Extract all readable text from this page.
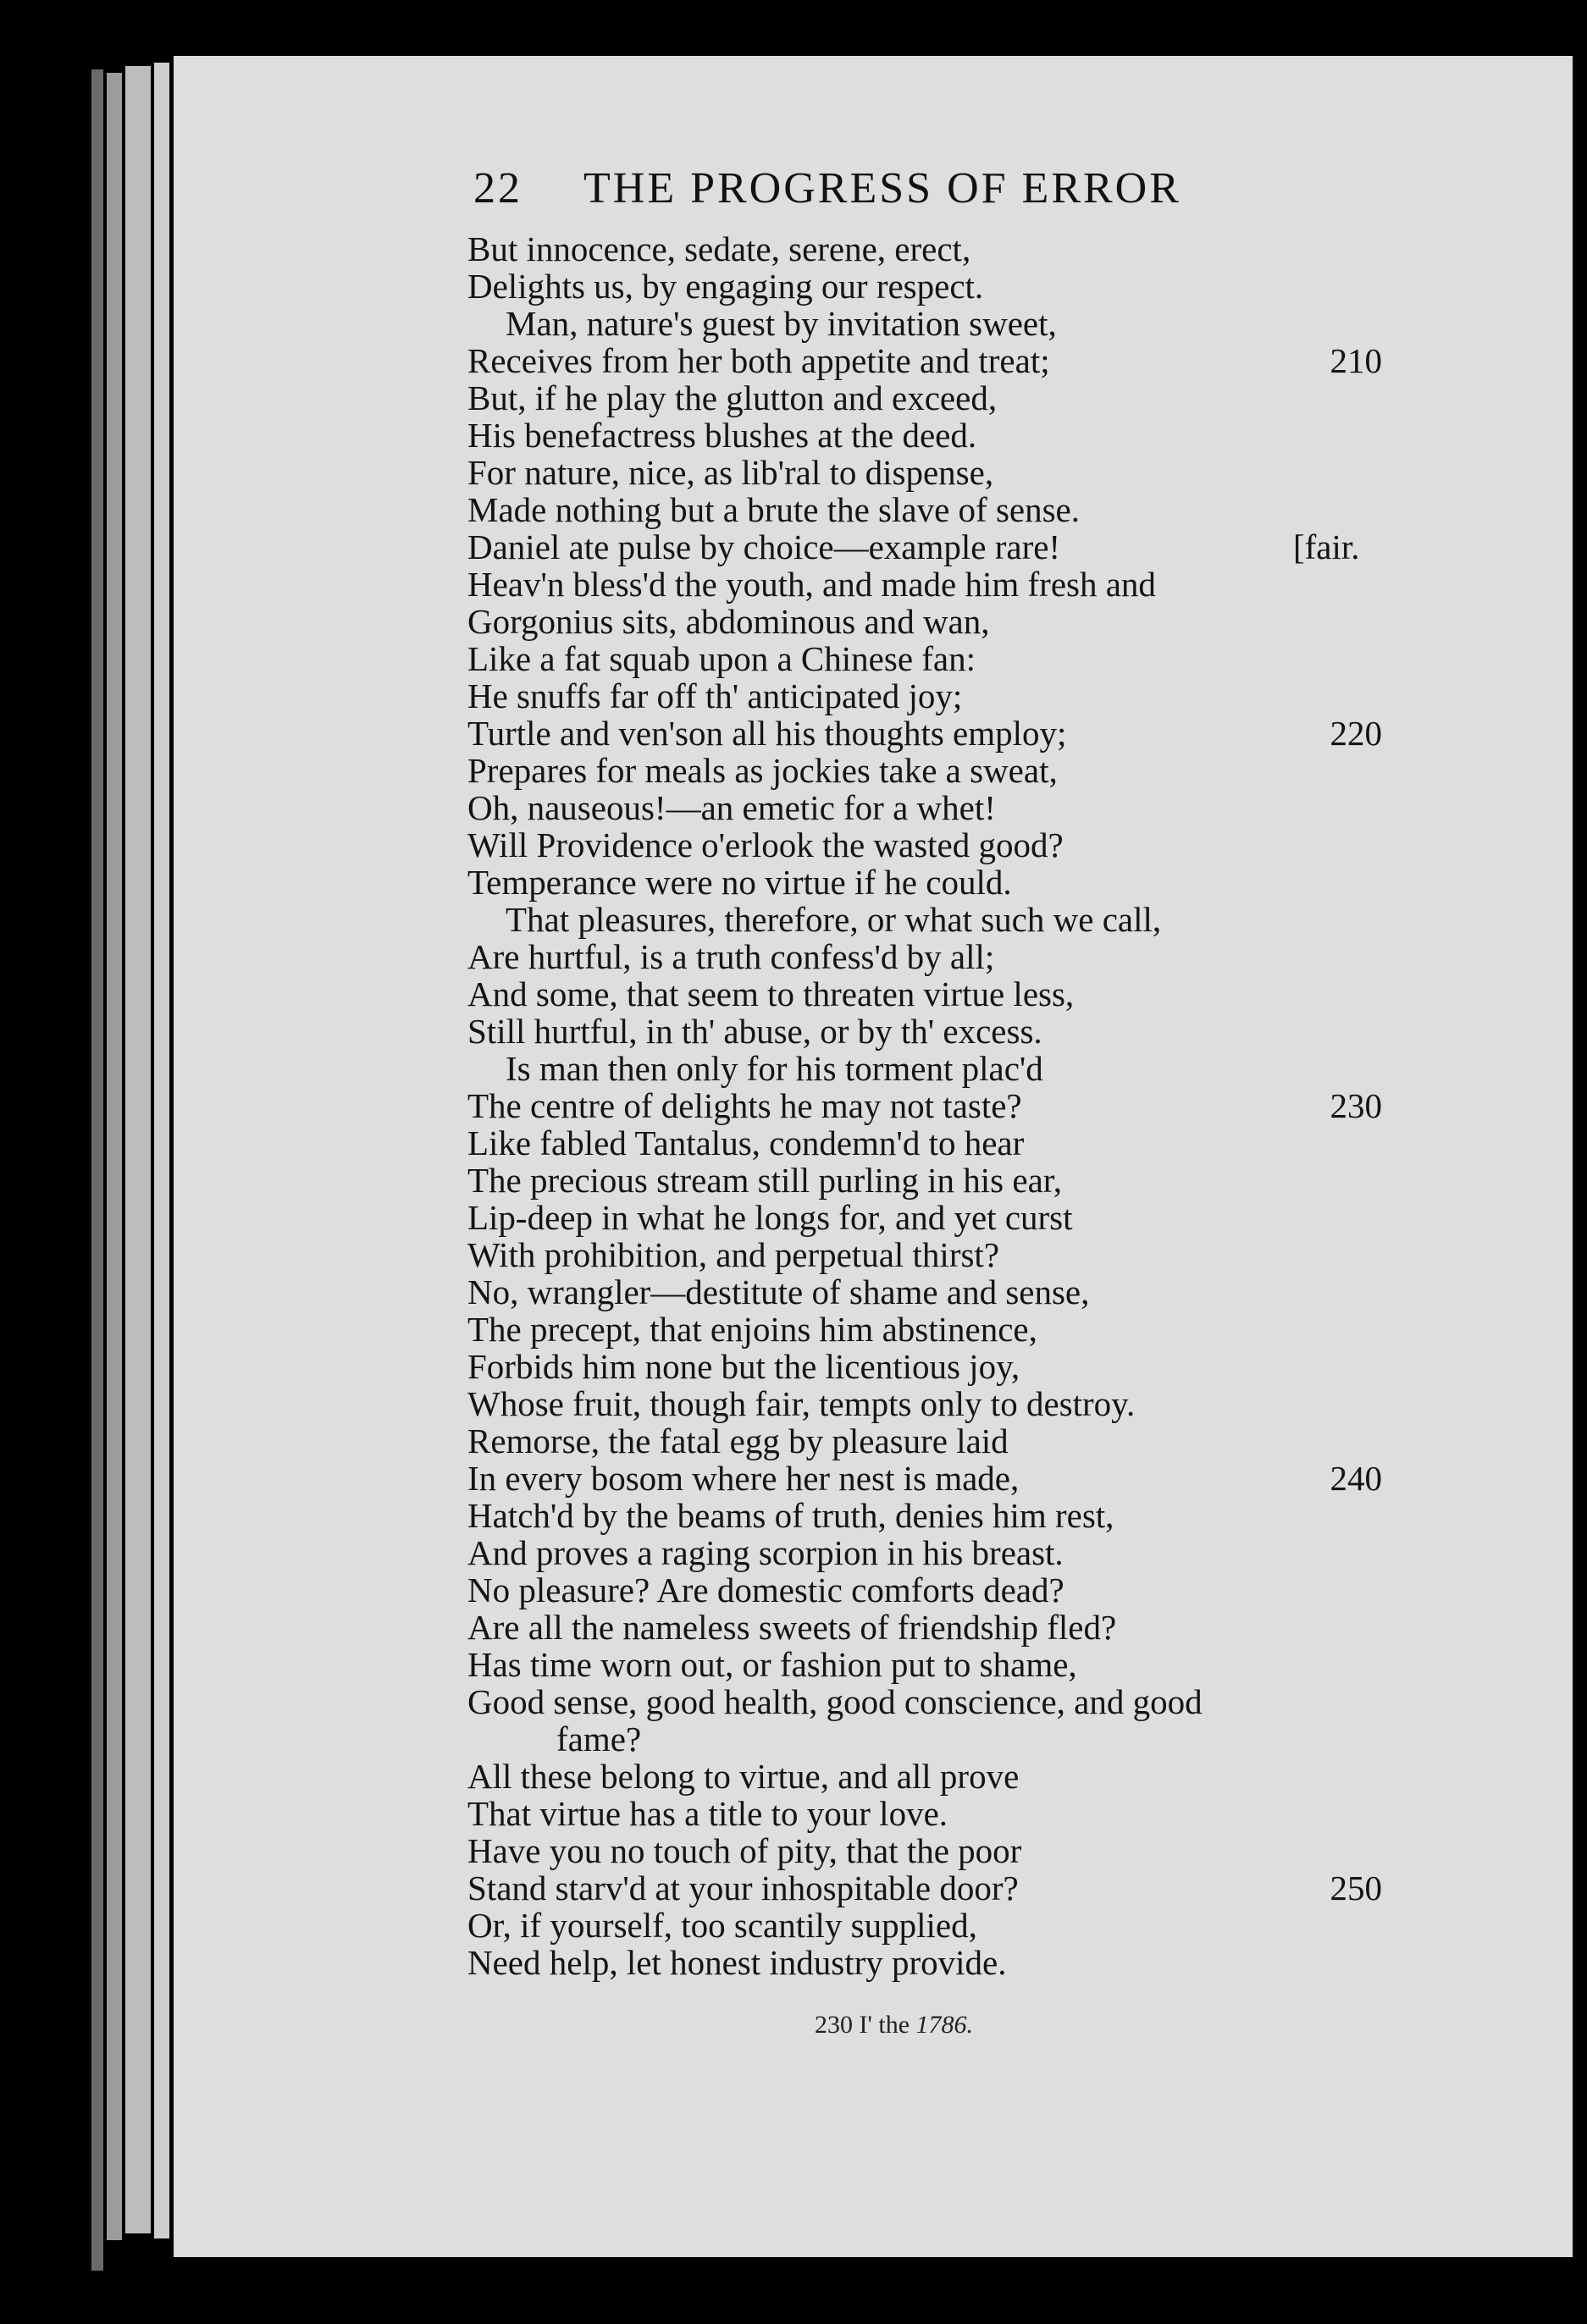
22 THE PROGRESS OF ERROR
But innocence, sedate, serene, erect,
Delights us, by engaging our respect.
Man, nature's guest by invitation sweet,
Receives from her both appetite and treat;	210
But, if he play the glutton and exceed,
His benefactress blushes at the deed.
For nature, nice, as lib'ral to dispense,
Made nothing but a brute the slave of sense.
Daniel ate pulse by choice—example rare!	[fair.
Heav'n bless'd the youth, and made him fresh and
Gorgonius sits, abdominous and wan,
Like a fat squab upon a Chinese fan:
He snuffs far off th' anticipated joy;
Turtle and ven'son all his thoughts employ;	220
Prepares for meals as jockies take a sweat,
Oh, nauseous!—an emetic for a whet!
Will Providence o'erlook the wasted good?
Temperance were no virtue if he could.
That pleasures, therefore, or what such we call,
Are hurtful, is a truth confess'd by all;
And some, that seem to threaten virtue less,
Still hurtful, in th' abuse, or by th' excess.
Is man then only for his torment plac'd
The centre of delights he may not taste?	230
Like fabled Tantalus, condemn'd to hear
The precious stream still purling in his ear,
Lip-deep in what he longs for, and yet curst
With prohibition, and perpetual thirst?
No, wrangler—destitute of shame and sense,
The precept, that enjoins him abstinence,
Forbids him none but the licentious joy,
Whose fruit, though fair, tempts only to destroy.
Remorse, the fatal egg by pleasure laid
In every bosom where her nest is made,	240
Hatch'd by the beams of truth, denies him rest,
And proves a raging scorpion in his breast.
No pleasure? Are domestic comforts dead?
Are all the nameless sweets of friendship fled?
Has time worn out, or fashion put to shame,
Good sense, good health, good conscience, and good
fame?
All these belong to virtue, and all prove
That virtue has a title to your love.
Have you no touch of pity, that the poor
Stand starv'd at your inhospitable door?	250
Or, if yourself, too scantily supplied,
Need help, let honest industry provide.
230 I' the 1786.
